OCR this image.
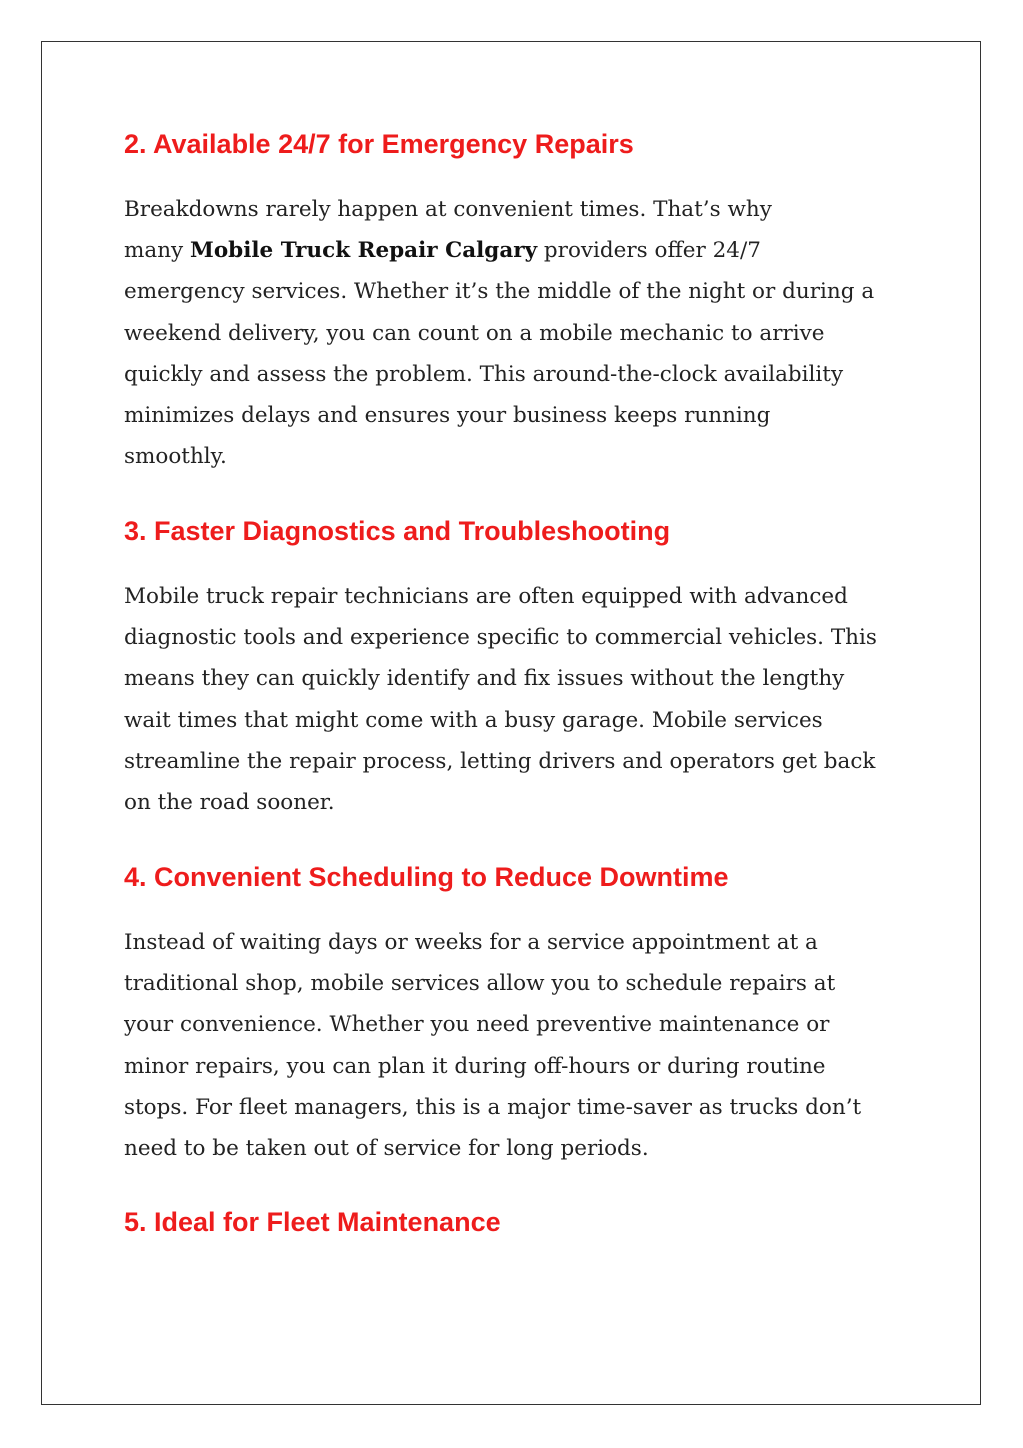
2. Available 24/7 for Emergency Repairs

Breakdowns rarely happen at convenient times. That’s why
many Mobile Truck Repair Calgary providers offer 24/7
emergency services. Whether it’s the middle of the night or during a
weekend delivery, you can count on a mobile mechanic to arrive
quickly and assess the problem. This around-the-clock availability
minimizes delays and ensures your business keeps running
smoothly.

3. Faster Diagnostics and Troubleshooting

Mobile truck repair technicians are often equipped with advanced
diagnostic tools and experience specific to commercial vehicles. This
means they can quickly identify and fix issues without the lengthy
wait times that might come with a busy garage. Mobile services
streamline the repair process, letting drivers and operators get back
on the road sooner.

4. Convenient Scheduling to Reduce Downtime

Instead of waiting days or weeks for a service appointment at a
traditional shop, mobile services allow you to schedule repairs at
your convenience. Whether you need preventive maintenance or
minor repairs, you can plan it during off-hours or during routine
stops. For fleet managers, this is a major time-saver as trucks don’t
need to be taken out of service for long periods.

5. Ideal for Fleet Maintenance
